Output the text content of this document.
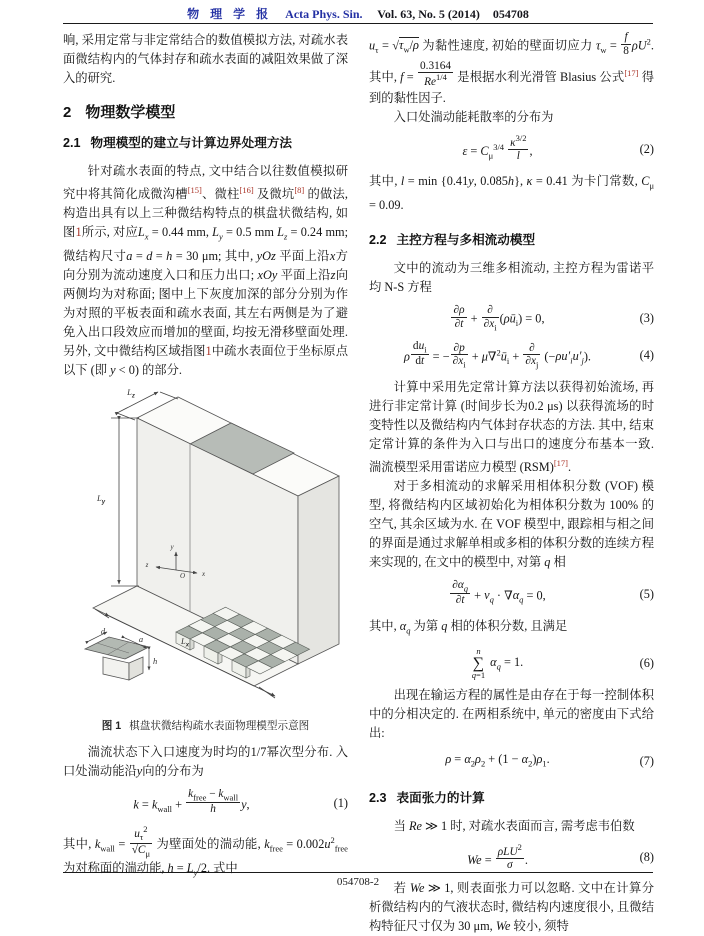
物 理 学 报 Acta Phys. Sin. Vol. 63, No. 5 (2014) 054708

响, 采用定常与非定常结合的数值模拟方法, 对疏水表面微结构内的气体封存和疏水表面的减阻效果做了深入的研究.

2 物理数学模型
2.1 物理模型的建立与计算边界处理方法

针对疏水表面的特点, 文中结合以往数值模拟研究中将其简化成微沟槽[15]、微柱[16] 及微坑[8] 的做法, 构造出具有以上三种微结构特点的棋盘状微结构, 如图1所示, 对应$L_x = 0.44$ mm, $L_y = 0.5$ mm $L_z = 0.24$ mm; 微结构尺寸a = d = h = 30 μm; 其中, yOz 平面上沿x方向分别为流动速度入口和压力出口; xOy 平面上沿z向两侧均为对称面; 图中上下灰度加深的部分分别为作为对照的平板表面和疏水表面, 其左右两侧是为了避免入出口段效应而增加的壁面, 均按无滑移壁面处理. 另外, 文中微结构区域指图1中疏水表面位于坐标原点以下 (即 y < 0) 的部分.

y
x
z
O
$L_y$
$L_z$
$L_x$
d
a
h
图 1 棋盘状微结构疏水表面物理模型示意图

湍流状态下入口速度为时均的1/7幂次型分布. 入口处湍动能沿y向的分布为

$k = k_{wall} + \frac{k_{free} - k_{wall}}{h} y$,	(1)

其中, $k_{wall} = \frac{u_\tau^2}{√C_\mu}$ 为壁面处的湍动能, $k_{free} = 0.002u^2_{free}$ 为对称面的湍动能, $h = L_y/2$. 式中

$u_\tau = √\tau_w/\rho$ 为黏性速度, 初始的壁面切应力 $\tau_w = \frac{f}{8} \rho U^2$. 其中, $f = \frac{0.3164}{Re^{1/4}}$ 是根据水利光滑管 Blasius 公式[17] 得到的黏性因子.

入口处湍动能耗散率的分布为

$\varepsilon = C_\mu^{3/4} \frac{\kappa^{3/2}}{l}$ ,	(2)

其中, l = min {0.41y, 0.085h}, κ = 0.41 为卡门常数, $C_\mu = 0.09$.

2.2 主控方程与多相流动模型

文中的流动为三维多相流动, 主控方程为雷诺平均 N-S 方程

$\frac{\partial\rho}{\partial t} + \frac{\partial}{\partial x_i}$ $(\rho ū_i) = 0$,	(3)
ρ $\frac{du_i}{dt}$ = − $\frac{\partial p}{\partial x_i}$ + $\mu\nabla^2ū_i + \frac{\partial}{\partial x_j} (-\rho u'_iu'_j)$.	(4)

计算中采用先定常计算方法以获得初始流场, 再进行非定常计算 (时间步长为0.2 μs) 以获得流场的时变特性以及微结构内气体封存状态的方法. 其中, 结束定常计算的条件为入口与出口的速度分布基本一致. 湍流模型采用雷诺应力模型 (RSM)[17].

对于多相流动的求解采用相体积分数 (VOF) 模型, 将微结构内区域初始化为相体积分数为 100% 的空气, 其余区域为水. 在 VOF 模型中, 跟踪相与相之间的界面是通过求解单相或多相的体积分数的连续方程来实现的, 在文中的模型中, 对第 q 相

$\frac{\partial\alpha_q}{\partial t} + v_q \cdot \nabla\alpha_q = 0$,	(5)

其中, $\alpha_q$ 为第 q 相的体积分数, 且满足

n
∑
q=1
$\alpha_q = 1$.	(6)

出现在输运方程的属性是由存在于每一控制体积中的分相决定的. 在两相系统中, 单元的密度由下式给出:

$\rho = \alpha_2\rho_2 + (1 - \alpha_2)\rho_1$.	(7)
2.3 表面张力的计算

当 Re ≫ 1 时, 对疏水表面而言, 需考虑韦伯数

$We = \frac{\rho LU^2}{\sigma}$ .	(8)

若 We ≫ 1, 则表面张力可以忽略. 文中在计算分析微结构内的气液状态时, 微结构内速度很小, 且微结构特征尺寸仅为 30 μm, We 较小, 须特

054708-2
